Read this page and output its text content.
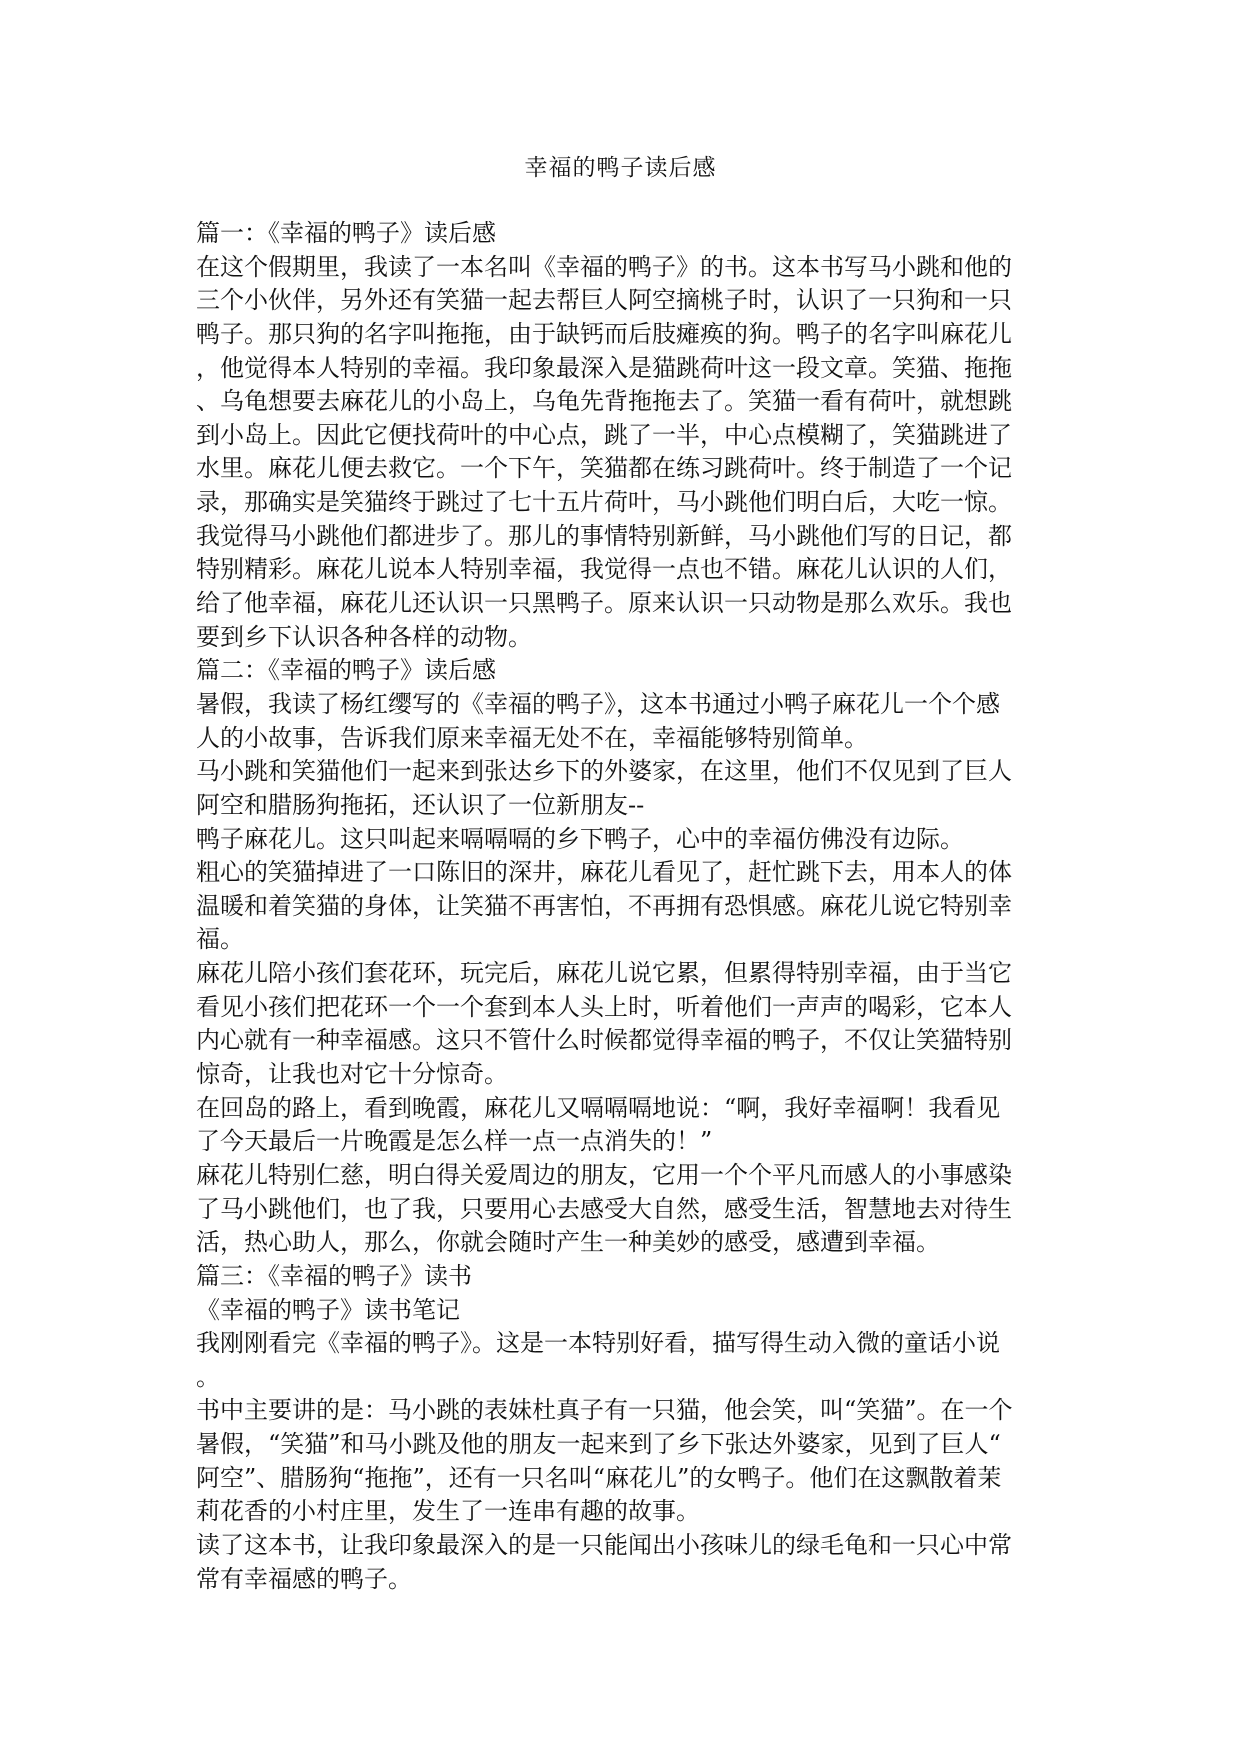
幸福的鸭子读后感
篇一：《幸福的鸭子》读后感
在这个假期里，我读了一本名叫《幸福的鸭子》的书。这本书写马小跳和他的
三个小伙伴，另外还有笑猫一起去帮巨人阿空摘桃子时，认识了一只狗和一只
鸭子。那只狗的名字叫拖拖，由于缺钙而后肢瘫痪的狗。鸭子的名字叫麻花儿
，他觉得本人特别的幸福。我印象最深入是猫跳荷叶这一段文章。笑猫、拖拖
、乌龟想要去麻花儿的小岛上，乌龟先背拖拖去了。笑猫一看有荷叶，就想跳
到小岛上。因此它便找荷叶的中心点，跳了一半，中心点模糊了，笑猫跳进了
水里。麻花儿便去救它。一个下午，笑猫都在练习跳荷叶。终于制造了一个记
录，那确实是笑猫终于跳过了七十五片荷叶，马小跳他们明白后，大吃一惊。
我觉得马小跳他们都进步了。那儿的事情特别新鲜，马小跳他们写的日记，都
特别精彩。麻花儿说本人特别幸福，我觉得一点也不错。麻花儿认识的人们，
给了他幸福，麻花儿还认识一只黑鸭子。原来认识一只动物是那么欢乐。我也
要到乡下认识各种各样的动物。
篇二：《幸福的鸭子》读后感
暑假，我读了杨红缨写的《幸福的鸭子》，这本书通过小鸭子麻花儿一个个感
人的小故事，告诉我们原来幸福无处不在，幸福能够特别简单。
马小跳和笑猫他们一起来到张达乡下的外婆家，在这里，他们不仅见到了巨人
阿空和腊肠狗拖拓，还认识了一位新朋友--
鸭子麻花儿。这只叫起来嗝嗝嗝的乡下鸭子，心中的幸福仿佛没有边际。
粗心的笑猫掉进了一口陈旧的深井，麻花儿看见了，赶忙跳下去，用本人的体
温暖和着笑猫的身体，让笑猫不再害怕，不再拥有恐惧感。麻花儿说它特别幸
福。
麻花儿陪小孩们套花环，玩完后，麻花儿说它累，但累得特别幸福，由于当它
看见小孩们把花环一个一个套到本人头上时，听着他们一声声的喝彩，它本人
内心就有一种幸福感。这只不管什么时候都觉得幸福的鸭子，不仅让笑猫特别
惊奇，让我也对它十分惊奇。
在回岛的路上，看到晚霞，麻花儿又嗝嗝嗝地说：“啊，我好幸福啊！我看见
了今天最后一片晚霞是怎么样一点一点消失的！”
麻花儿特别仁慈，明白得关爱周边的朋友，它用一个个平凡而感人的小事感染
了马小跳他们，也了我，只要用心去感受大自然，感受生活，智慧地去对待生
活，热心助人，那么，你就会随时产生一种美妙的感受，感遭到幸福。
篇三：《幸福的鸭子》读书
《幸福的鸭子》读书笔记
我刚刚看完《幸福的鸭子》。这是一本特别好看，描写得生动入微的童话小说
。
书中主要讲的是：马小跳的表妹杜真子有一只猫，他会笑，叫“笑猫”。在一个
暑假，“笑猫”和马小跳及他的朋友一起来到了乡下张达外婆家，见到了巨人“
阿空”、腊肠狗“拖拖”，还有一只名叫“麻花儿”的女鸭子。他们在这飘散着茉
莉花香的小村庄里，发生了一连串有趣的故事。
读了这本书，让我印象最深入的是一只能闻出小孩味儿的绿毛龟和一只心中常
常有幸福感的鸭子。
